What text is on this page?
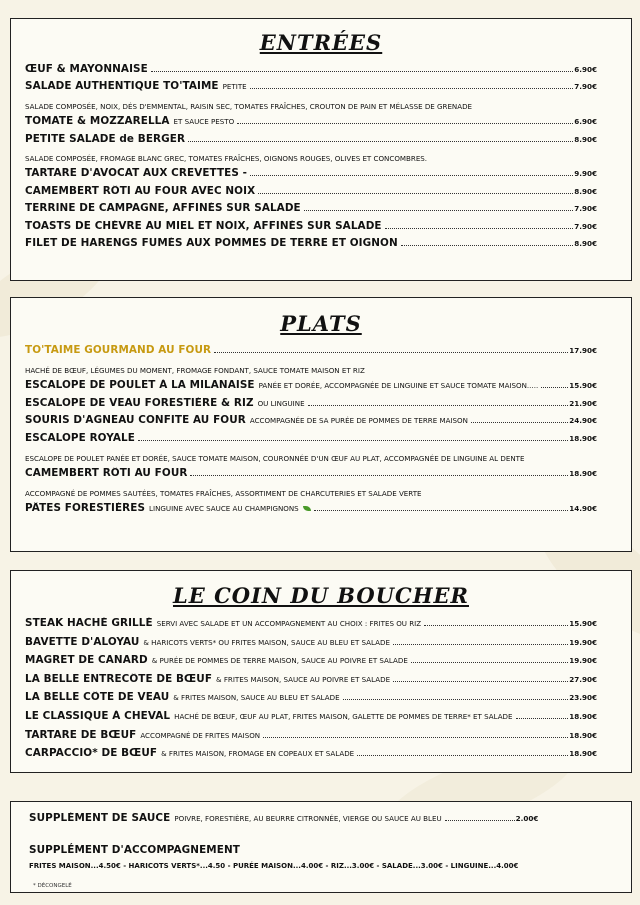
ENTRÉES
ŒUF & MAYONNAISE	6.90€
SALADE AUTHENTIQUE TO'TAIME PETITE	7.90€
SALADE COMPOSÉE, NOIX, DÉS D'EMMENTAL, RAISIN SEC, TOMATES FRAÎCHES, CROUTON DE PAIN ET MÉLASSE DE GRENADE
TOMATE & MOZZARELLA ET SAUCE PESTO	6.90€
PETITE SALADE de BERGER	8.90€
SALADE COMPOSÉE, FROMAGE BLANC GREC, TOMATES FRAÎCHES, OIGNONS ROUGES, OLIVES ET CONCOMBRES.
TARTARE D'AVOCAT AUX CREVETTES -	9.90€
CAMEMBERT RÔTI AU FOUR AVEC NOIX	8.90€
TERRINE DE CAMPAGNE, AFFINÉS SUR SALADE	7.90€
TOASTS DE CHÈVRE AU MIEL ET NOIX, AFFINÉS SUR SALADE	7.90€
FILET DE HARENGS FUMÉS AUX POMMES DE TERRE ET OIGNON	8.90€
PLATS
TO'TAIME GOURMAND AU FOUR	17.90€
HACHÉ DE BŒUF, LÉGUMES DU MOMENT, FROMAGE FONDANT, SAUCE TOMATE MAISON ET RIZ
ESCALOPE DE POULET À LA MILANAISE PANÉE ET DORÉE, ACCOMPAGNÉE DE LINGUINE ET SAUCE TOMATE MAISON.....	15.90€
ESCALOPE DE VEAU FORESTIÈRE & RIZ OU LINGUINE	21.90€
SOURIS D'AGNEAU CONFITE AU FOUR ACCOMPAGNÉE DE SA PURÉE DE POMMES DE TERRE MAISON	24.90€
ESCALOPE ROYALE	18.90€
ESCALOPE DE POULET PANÉE ET DORÉE, SAUCE TOMATE MAISON, COURONNÉE D'UN ŒUF AU PLAT, ACCOMPAGNÉE DE LINGUINE AL DENTE
CAMEMBERT RÔTI AU FOUR	18.90€
ACCOMPAGNÉ DE POMMES SAUTÉES, TOMATES FRAÎCHES, ASSORTIMENT DE CHARCUTERIES ET SALADE VERTE
PÂTES FORESTIÈRES LINGUINE AVEC SAUCE AU CHAMPIGNONS	14.90€
LE COIN DU BOUCHER
STEAK HACHÉ GRILLÉ SERVI AVEC SALADE ET UN ACCOMPAGNEMENT AU CHOIX : FRITES OU RIZ	15.90€
BAVETTE D'ALOYAU & HARICOTS VERTS* OU FRITES MAISON, SAUCE AU BLEU ET SALADE	19.90€
MAGRET DE CANARD & PURÉE DE POMMES DE TERRE MAISON, SAUCE AU POIVRE ET SALADE	19.90€
LA BELLE ENTRECÔTE DE BŒUF & FRITES MAISON, SAUCE AU POIVRE ET SALADE	27.90€
LA BELLE CÔTE DE VEAU & FRITES MAISON, SAUCE AU BLEU ET SALADE	23.90€
LE CLASSIQUE À CHEVAL HACHÉ DE BŒUF, ŒUF AU PLAT, FRITES MAISON, GALETTE DE POMMES DE TERRE* ET SALADE	18.90€
TARTARE DE BŒUF ACCOMPAGNÉ DE FRITES MAISON	18.90€
CARPACCIO* DE BŒUF & FRITES MAISON, FROMAGE EN COPEAUX ET SALADE	18.90€
SUPPLÉMENT DE SAUCE POIVRE, FORESTIÈRE, AU BEURRE CITRONNÉE, VIERGE OU SAUCE AU BLEU	2.00€
SUPPLÉMENT D'ACCOMPAGNEMENT
FRITES MAISON...4.50€ - HARICOTS VERTS*...4.50 - PURÉE MAISON...4.00€ - RIZ...3.00€ - SALADE...3.00€ - LINGUINE...4.00€
* DÉCONGELÉ
